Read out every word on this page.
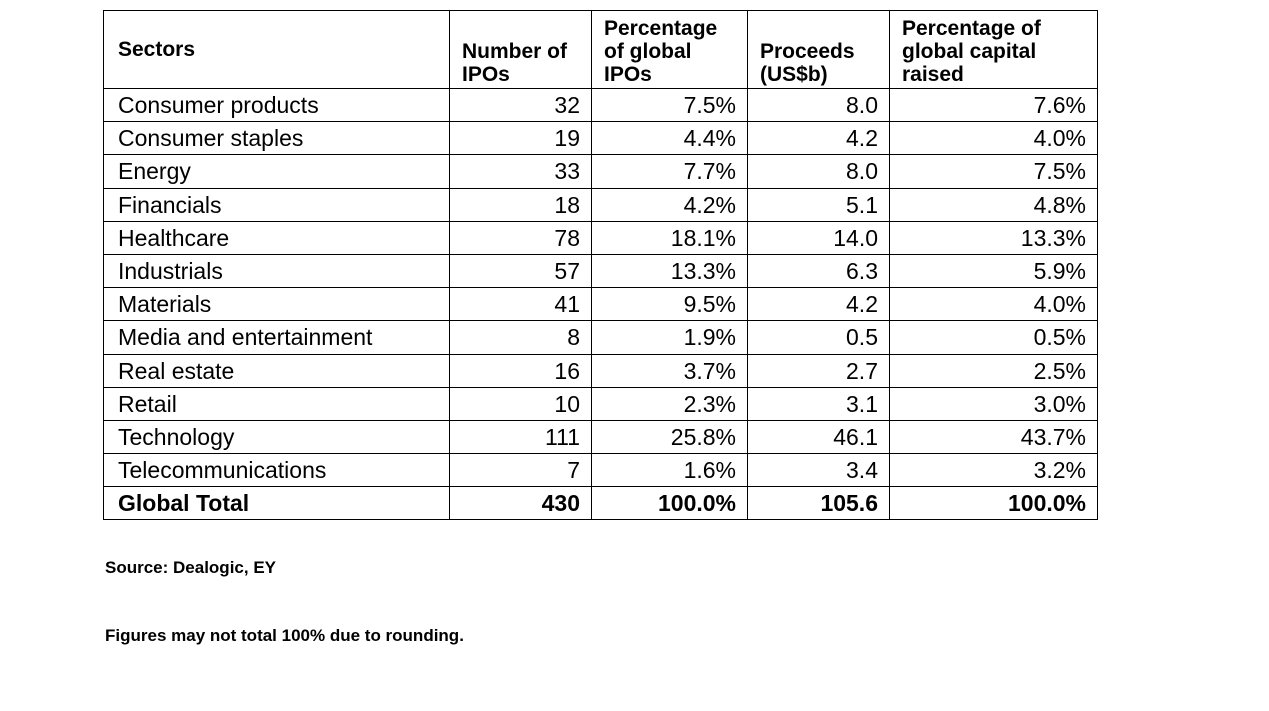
Sectors	Number of IPOs	Percentage of global IPOs	Proceeds (US$b)	Percentage of global capital raised
Consumer products	32	7.5%	8.0	7.6%
Consumer staples	19	4.4%	4.2	4.0%
Energy	33	7.7%	8.0	7.5%
Financials	18	4.2%	5.1	4.8%
Healthcare	78	18.1%	14.0	13.3%
Industrials	57	13.3%	6.3	5.9%
Materials	41	9.5%	4.2	4.0%
Media and entertainment	8	1.9%	0.5	0.5%
Real estate	16	3.7%	2.7	2.5%
Retail	10	2.3%	3.1	3.0%
Technology	111	25.8%	46.1	43.7%
Telecommunications	7	1.6%	3.4	3.2%
Global Total	430	100.0%	105.6	100.0%
Source: Dealogic, EY
Figures may not total 100% due to rounding.
